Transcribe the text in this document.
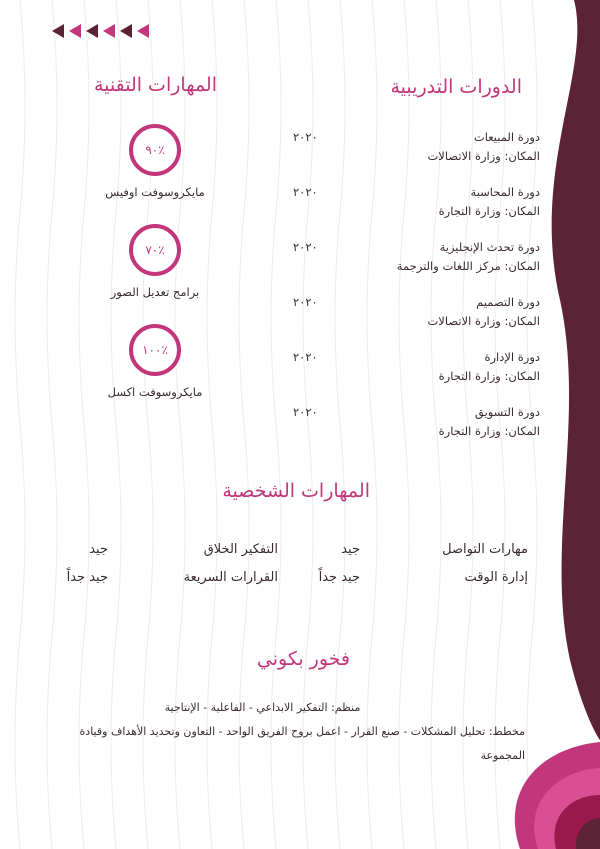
الدورات التدريبية
دورة المبيعات
المكان: وزارة الاتصالات
٢٠٢٠
دورة المحاسبة
المكان: وزارة التجارة
٢٠٢٠
دورة تحدث الإنجليزية
المكان: مركز اللغات والترجمة
٢٠٢٠
دورة التصميم
المكان: وزارة الاتصالات
٢٠٢٠
دورة الإدارة
المكان: وزارة التجارة
٢٠٢٠
دورة التسويق
المكان: وزارة التجارة
٢٠٢٠
المهارات التقنية
٩٠٪
مايكروسوفت اوفيس
٧٠٪
برامج تعديل الصور
١٠٠٪
مايكروسوفت اكسل
المهارات الشخصية
مهارات التواصل
جيد
التفكير الخلاق
جيد
إدارة الوقت
جيد جداً
القرارات السريعة
جيد جداً
فخور بكوني
منظم: التفكير الابداعي - الفاعلية - الإنتاجية
مخطط: تحليل المشكلات - صنع القرار - اعمل بروح الفريق الواحد - التعاون وتحديد الأهداف وقيادة المجموعة
